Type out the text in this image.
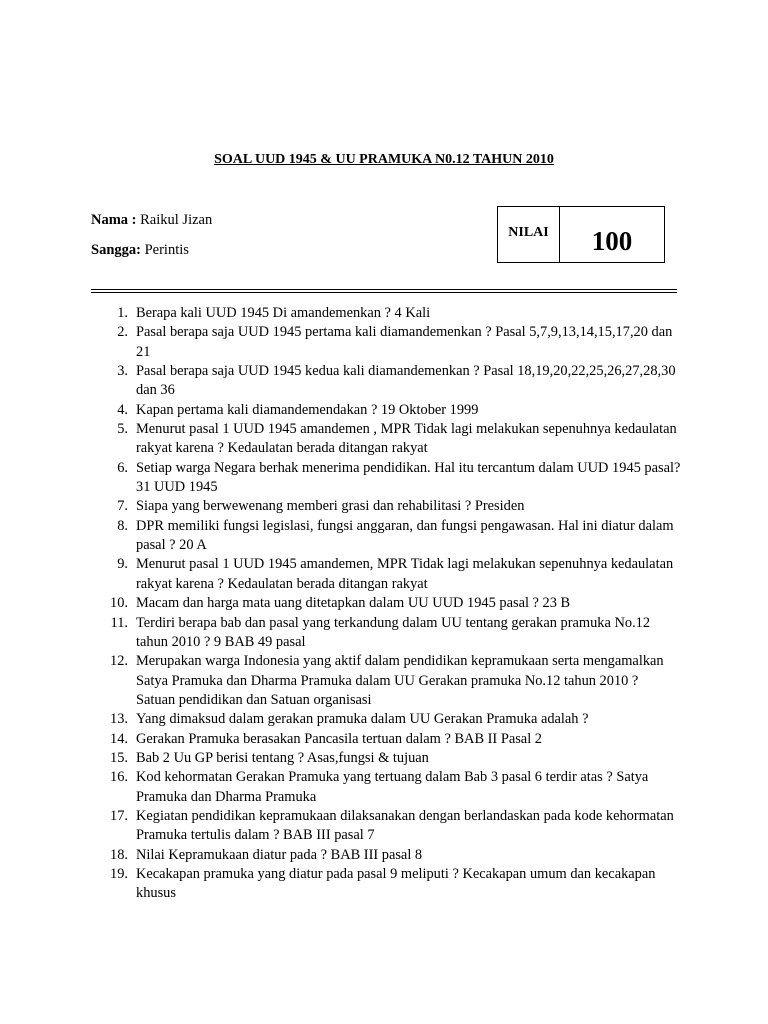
SOAL UUD 1945 & UU PRAMUKA N0.12 TAHUN 2010
Nama : Raikul Jizan
Sangga: Perintis
NILAI	100
1. Berapa kali UUD 1945 Di amandemenkan ? 4 Kali
2. Pasal berapa saja UUD 1945 pertama kali diamandemenkan ? Pasal 5,7,9,13,14,15,17,20 dan 21
3. Pasal berapa saja UUD 1945 kedua kali diamandemenkan ? Pasal 18,19,20,22,25,26,27,28,30 dan 36
4. Kapan pertama kali diamandemendakan ? 19 Oktober 1999
5. Menurut pasal 1 UUD 1945 amandemen , MPR Tidak lagi melakukan sepenuhnya kedaulatan rakyat karena ? Kedaulatan berada ditangan rakyat
6. Setiap warga Negara berhak menerima pendidikan. Hal itu tercantum dalam UUD 1945 pasal? 31 UUD 1945
7. Siapa yang berwewenang memberi grasi dan rehabilitasi ? Presiden
8. DPR memiliki fungsi legislasi, fungsi anggaran, dan fungsi pengawasan. Hal ini diatur dalam pasal ? 20 A
9. Menurut pasal 1 UUD 1945 amandemen, MPR Tidak lagi melakukan sepenuhnya kedaulatan rakyat karena ? Kedaulatan berada ditangan rakyat
10. Macam dan harga mata uang ditetapkan dalam UU UUD 1945 pasal ? 23 B
11. Terdiri berapa bab dan pasal yang terkandung dalam UU tentang gerakan pramuka No.12 tahun 2010 ? 9 BAB 49 pasal
12. Merupakan warga Indonesia yang aktif dalam pendidikan kepramukaan serta mengamalkan Satya Pramuka dan Dharma Pramuka dalam UU Gerakan pramuka No.12 tahun 2010 ? Satuan pendidikan dan Satuan organisasi
13. Yang dimaksud dalam gerakan pramuka dalam UU Gerakan Pramuka adalah ?
14. Gerakan Pramuka berasakan Pancasila tertuan dalam ? BAB II Pasal 2
15. Bab 2 Uu GP berisi tentang ? Asas,fungsi & tujuan
16. Kod kehormatan Gerakan Pramuka yang tertuang dalam Bab 3 pasal 6 terdir atas ? Satya Pramuka dan Dharma Pramuka
17. Kegiatan pendidikan kepramukaan dilaksanakan dengan berlandaskan pada kode kehormatan Pramuka tertulis dalam ? BAB III pasal 7
18. Nilai Kepramukaan diatur pada ? BAB III pasal 8
19. Kecakapan pramuka yang diatur pada pasal 9 meliputi ? Kecakapan umum dan kecakapan khusus
